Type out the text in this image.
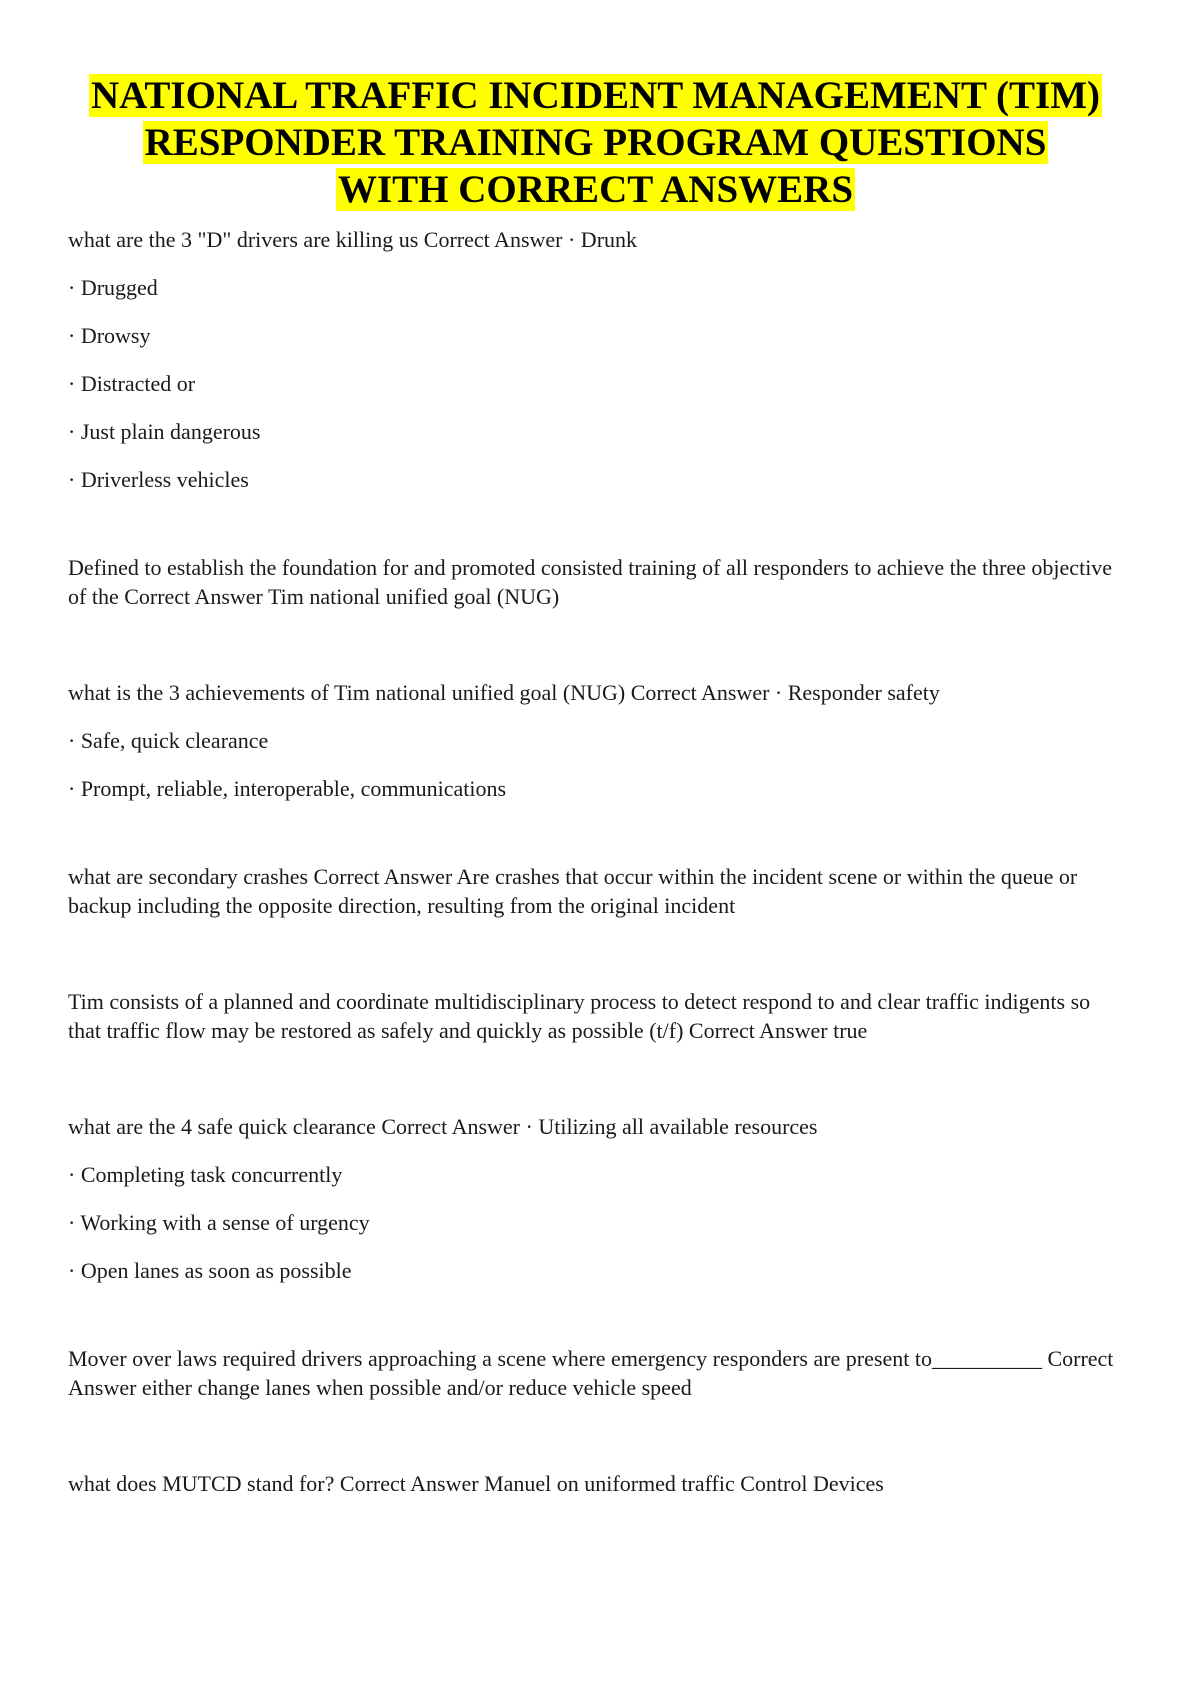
NATIONAL TRAFFIC INCIDENT MANAGEMENT (TIM)
RESPONDER TRAINING PROGRAM QUESTIONS
WITH CORRECT ANSWERS

what are the 3 "D" drivers are killing us Correct Answer · Drunk

· Drugged

· Drowsy

· Distracted or

· Just plain dangerous

· Driverless vehicles

Defined to establish the foundation for and promoted consisted training of all responders to achieve the three objective of the Correct Answer Tim national unified goal (NUG)

what is the 3 achievements of Tim national unified goal (NUG) Correct Answer · Responder safety

· Safe, quick clearance

· Prompt, reliable, interoperable, communications

what are secondary crashes Correct Answer Are crashes that occur within the incident scene or within the queue or backup including the opposite direction, resulting from the original incident

Tim consists of a planned and coordinate multidisciplinary process to detect respond to and clear traffic indigents so that traffic flow may be restored as safely and quickly as possible (t/f) Correct Answer true

what are the 4 safe quick clearance Correct Answer · Utilizing all available resources

· Completing task concurrently

· Working with a sense of urgency

· Open lanes as soon as possible

Mover over laws required drivers approaching a scene where emergency responders are present to__________ Correct Answer either change lanes when possible and/or reduce vehicle speed

what does MUTCD stand for? Correct Answer Manuel on uniformed traffic Control Devices
